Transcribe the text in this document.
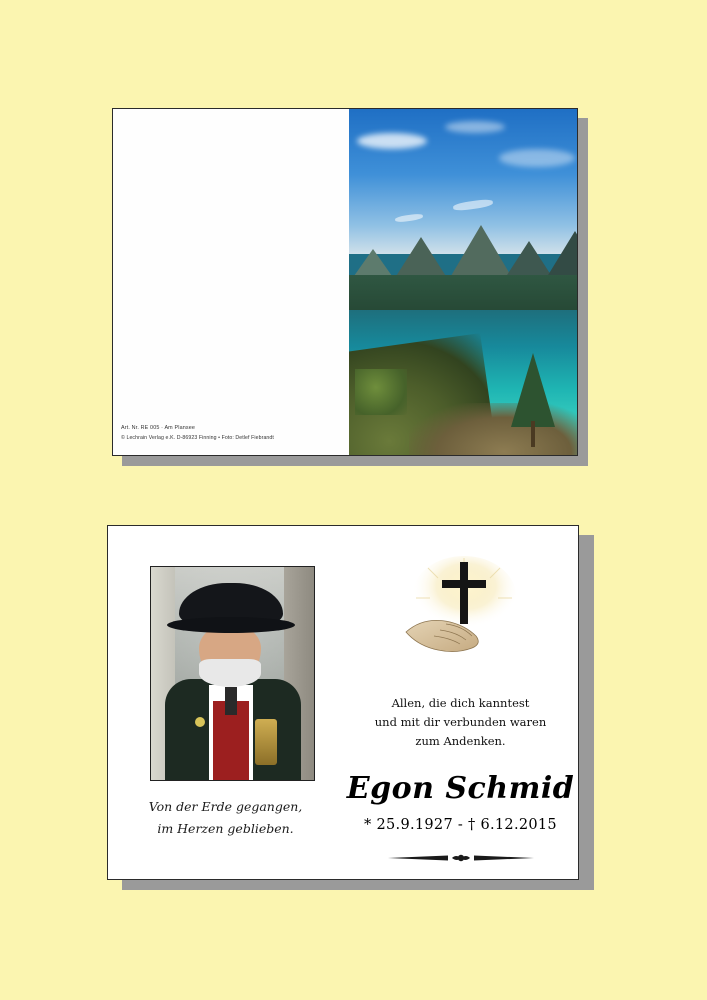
Art. Nr. RE 005 · Am Plansee
© Lechrain Verlag e.K. D-86923 Finning • Foto: Detlef Fiebrandt
Von der Erde gegangen,
im Herzen geblieben.
Allen, die dich kanntest
und mit dir verbunden waren
zum Andenken.
Egon Schmid
* 25.9.1927 - † 6.12.2015
